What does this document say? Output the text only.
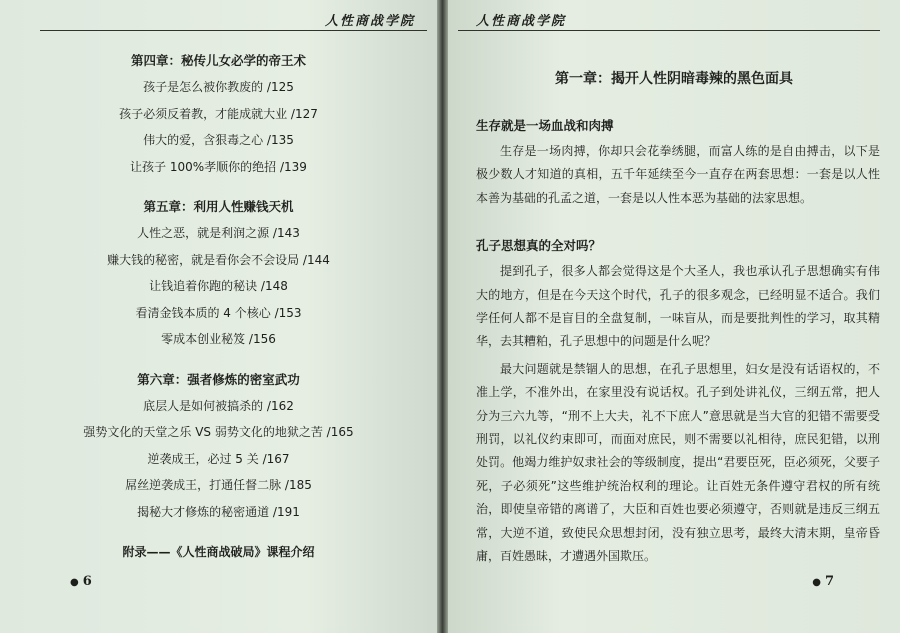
人性商战学院
第四章：秘传儿女必学的帝王术
孩子是怎么被你教废的 /125
孩子必须反着教，才能成就大业 /127
伟大的爱，含狠毒之心 /135
让孩子 100%孝顺你的绝招 /139
第五章：利用人性赚钱天机
人性之恶，就是利润之源 /143
赚大钱的秘密，就是看你会不会设局 /144
让钱追着你跑的秘诀 /148
看清金钱本质的 4 个核心 /153
零成本创业秘笈 /156
第六章：强者修炼的密室武功
底层人是如何被搞杀的 /162
强势文化的天堂之乐 VS 弱势文化的地狱之苦 /165
逆袭成王，必过 5 关 /167
屌丝逆袭成王，打通任督二脉 /185
揭秘大才修炼的秘密通道 /191
附录——《人性商战破局》课程介绍
● 6
人性商战学院
第一章：揭开人性阴暗毒辣的黑色面具
生存就是一场血战和肉搏

生存是一场肉搏，你却只会花拳绣腿，而富人练的是自由搏击，以下是极少数人才知道的真相，五千年延续至今一直存在两套思想：一套是以人性本善为基础的孔孟之道，一套是以人性本恶为基础的法家思想。

孔子思想真的全对吗？

提到孔子，很多人都会觉得这是个大圣人，我也承认孔子思想确实有伟大的地方，但是在今天这个时代，孔子的很多观念，已经明显不适合。我们学任何人都不是盲目的全盘复制，一味盲从，而是要批判性的学习，取其精华，去其糟粕，孔子思想中的问题是什么呢？

最大问题就是禁锢人的思想，在孔子思想里，妇女是没有话语权的，不准上学，不准外出，在家里没有说话权。孔子到处讲礼仪，三纲五常，把人分为三六九等，“刑不上大夫，礼不下庶人”意思就是当大官的犯错不需要受刑罚，以礼仪约束即可，而面对庶民，则不需要以礼相待，庶民犯错，以刑处罚。他竭力维护奴隶社会的等级制度，提出“君要臣死，臣必须死，父要子死，子必须死”这些维护统治权利的理论。让百姓无条件遵守君权的所有统治，即使皇帝错的离谱了，大臣和百姓也要必须遵守，否则就是违反三纲五常，大逆不道，致使民众思想封闭，没有独立思考，最终大清末期，皇帝昏庸，百姓愚昧，才遭遇外国欺压。

● 7
